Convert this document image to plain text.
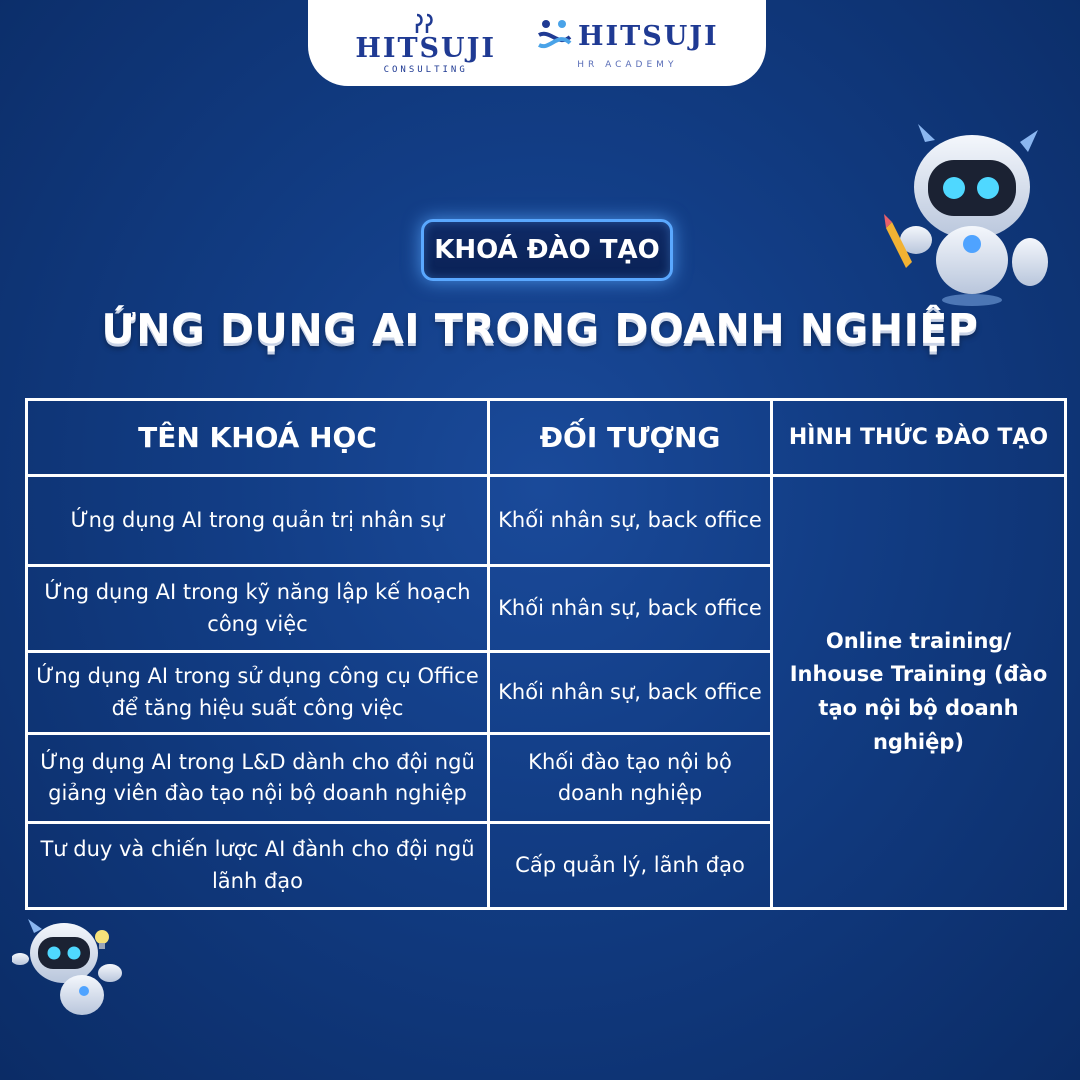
HITSUJI
CONSULTING
HITSUJI
HR ACADEMY
KHOÁ ĐÀO TẠO
ỨNG DỤNG AI TRONG DOANH NGHIỆP
TÊN KHOÁ HỌC	ĐỐI TƯỢNG	HÌNH THỨC ĐÀO TẠO
Ứng dụng AI trong quản trị nhân sự	Khối nhân sự, back office	Online training/ Inhouse Training (đào tạo nội bộ doanh nghiệp)
Ứng dụng AI trong kỹ năng lập kế hoạch công việc	Khối nhân sự, back office	
Ứng dụng AI trong sử dụng công cụ Office để tăng hiệu suất công việc	Khối nhân sự, back office	
Ứng dụng AI trong L&D dành cho đội ngũ giảng viên đào tạo nội bộ doanh nghiệp	Khối đào tạo nội bộ doanh nghiệp	
Tư duy và chiến lược AI đành cho đội ngũ lãnh đạo	Cấp quản lý, lãnh đạo	
